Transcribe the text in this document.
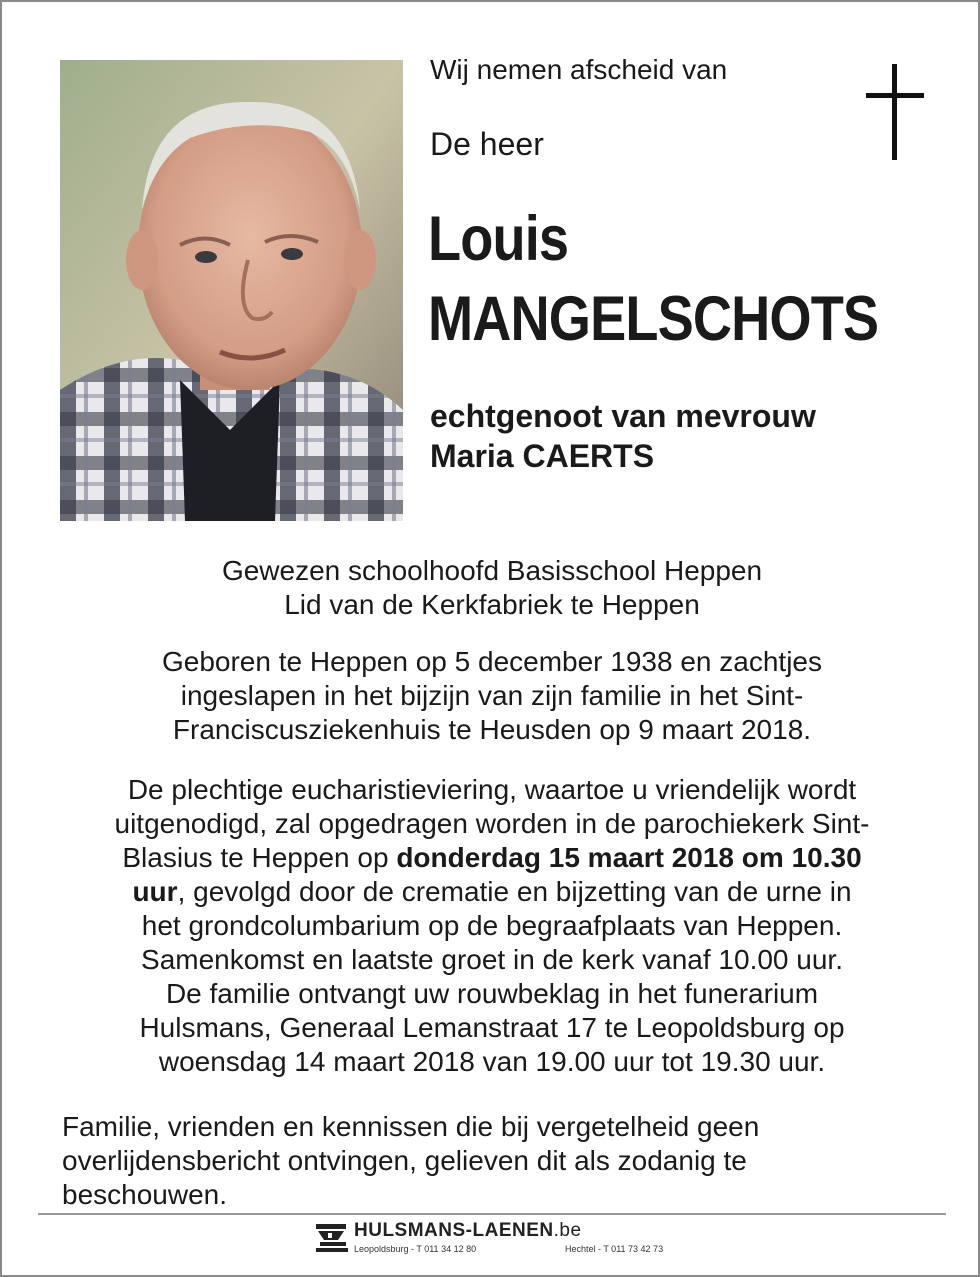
Wij nemen afscheid van
De heer
Louis
MANGELSCHOTS
echtgenoot van mevrouw
Maria CAERTS
Gewezen schoolhoofd Basisschool Heppen
Lid van de Kerkfabriek te Heppen
Geboren te Heppen op 5 december 1938 en zachtjes
ingeslapen in het bijzijn van zijn familie in het Sint-
Franciscusziekenhuis te Heusden op 9 maart 2018.
De plechtige eucharistieviering, waartoe u vriendelijk wordt
uitgenodigd, zal opgedragen worden in de parochiekerk Sint-
Blasius te Heppen op donderdag 15 maart 2018 om 10.30
uur, gevolgd door de crematie en bijzetting van de urne in
het grondcolumbarium op de begraafplaats van Heppen.
Samenkomst en laatste groet in de kerk vanaf 10.00 uur.
De familie ontvangt uw rouwbeklag in het funerarium
Hulsmans, Generaal Lemanstraat 17 te Leopoldsburg op
woensdag 14 maart 2018 van 19.00 uur tot 19.30 uur.
Familie, vrienden en kennissen die bij vergetelheid geen
overlijdensbericht ontvingen, gelieven dit als zodanig te
beschouwen.
HULSMANS-LAENEN.be
Leopoldsburg - T 011 34 12 80	Hechtel - T 011 73 42 73
